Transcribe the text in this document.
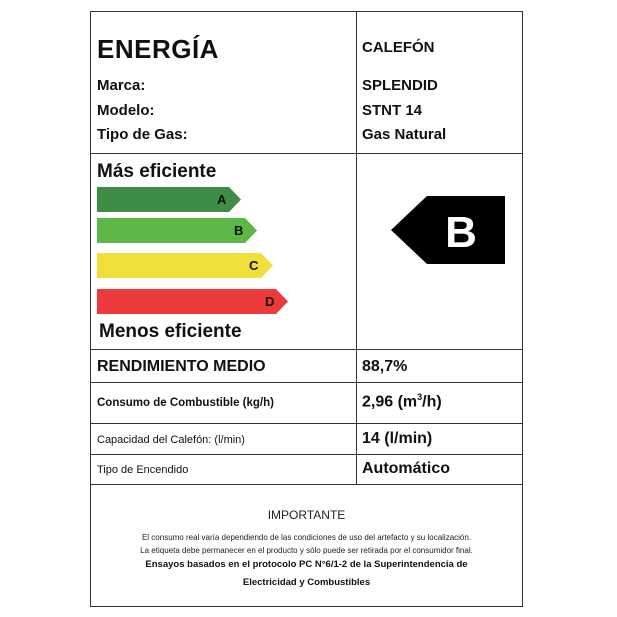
ENERGÍA	CALEFÓN
Marca:	SPLENDID
Modelo:	STNT 14
Tipo de Gas:	Gas Natural
Más eficiente
A
B
C
D
Menos eficiente
B
RENDIMIENTO MEDIO	88,7%
Consumo de Combustible (kg/h)	2,96 $(m^3/h)$
Capacidad del Calefón: (l/min)	14 (l/min)
Tipo de Encendido	Automático
IMPORTANTE
El consumo real varía dependiendo de las condiciones de uso del artefacto y su localización.
La etiqueta debe permanecer en el producto y sólo puede ser retirada por el consumidor final.
Ensayos basados en el protocolo PC N°6/1-2 de la Superintendencia de
Electricidad y Combustibles
